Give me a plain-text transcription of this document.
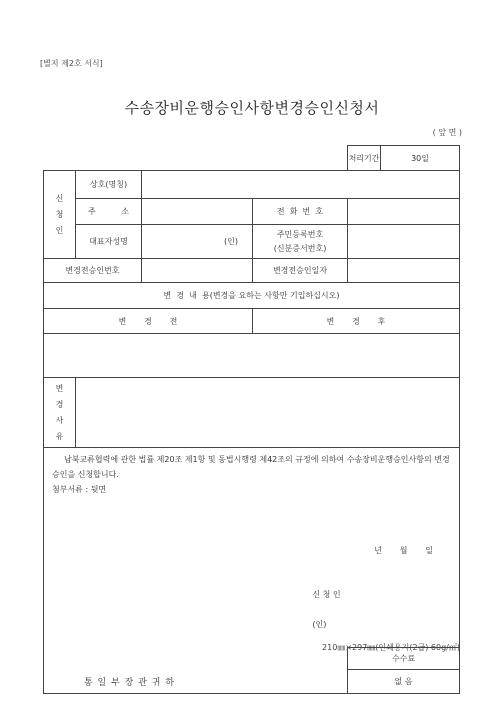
[별지 제2호 서식]
수송장비운행승인사항변경승인신청서
( 앞 면 )
				처리기간	30일
신
청
인	상호(명칭)				
	주          소		전  화  번  호		
	대표자성명	(인)	주민등록번호
(신분증서번호)		

변경전승인번호			변경전승인일자		
변  경  내  용(변경을 요하는 사항만 기입하십시오)					
변       경       전			변       경       후		

변
경
사
유					

남북교류협력에 관한 법률 제20조 제1항 및 동법시행령 제42조의 규정에 의하여 수송장비운행승인사항의 변경 승인을 신청합니다.
첨부서류 : 뒷면
년       월       일

신 청 인

(인)					

				수수료	
통 일 부 장 관 귀 하				없 음	
210㎜×297㎜(인쇄용지(2급) 60g/㎡)
